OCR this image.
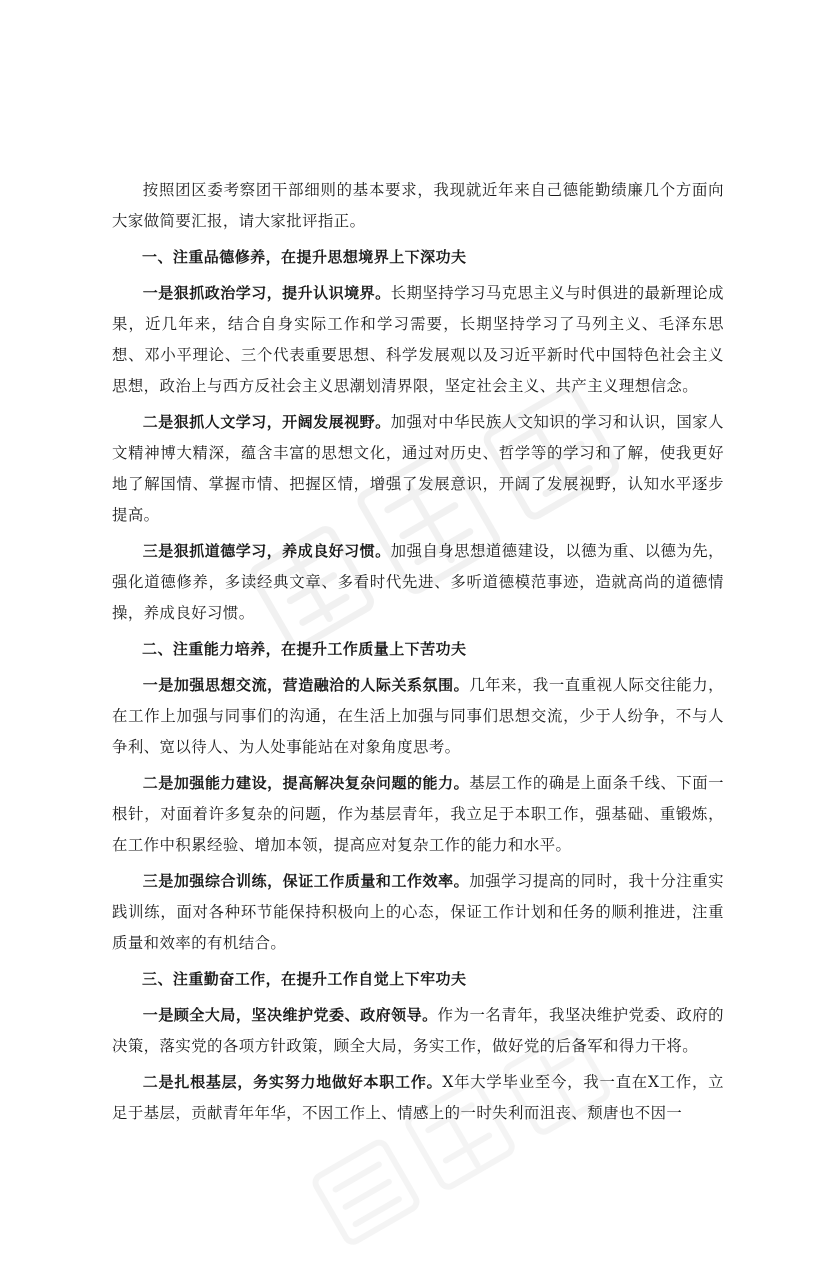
按照团区委考察团干部细则的基本要求，我现就近年来自己德能勤绩廉几个方面向大家做简要汇报，请大家批评指正。

一、注重品德修养，在提升思想境界上下深功夫

一是狠抓政治学习，提升认识境界。长期坚持学习马克思主义与时俱进的最新理论成果，近几年来，结合自身实际工作和学习需要，长期坚持学习了马列主义、毛泽东思想、邓小平理论、三个代表重要思想、科学发展观以及习近平新时代中国特色社会主义思想，政治上与西方反社会主义思潮划清界限，坚定社会主义、共产主义理想信念。

二是狠抓人文学习，开阔发展视野。加强对中华民族人文知识的学习和认识，国家人文精神博大精深，蕴含丰富的思想文化，通过对历史、哲学等的学习和了解，使我更好地了解国情、掌握市情、把握区情，增强了发展意识，开阔了发展视野，认知水平逐步提高。

三是狠抓道德学习，养成良好习惯。加强自身思想道德建设，以德为重、以德为先，强化道德修养，多读经典文章、多看时代先进、多听道德模范事迹，造就高尚的道德情操，养成良好习惯。

二、注重能力培养，在提升工作质量上下苦功夫

一是加强思想交流，营造融洽的人际关系氛围。几年来，我一直重视人际交往能力，在工作上加强与同事们的沟通，在生活上加强与同事们思想交流，少于人纷争，不与人争利、宽以待人、为人处事能站在对象角度思考。

二是加强能力建设，提高解决复杂问题的能力。基层工作的确是上面条千线、下面一根针，对面着许多复杂的问题，作为基层青年，我立足于本职工作，强基础、重锻炼，在工作中积累经验、增加本领，提高应对复杂工作的能力和水平。

三是加强综合训练，保证工作质量和工作效率。加强学习提高的同时，我十分注重实践训练，面对各种环节能保持积极向上的心态，保证工作计划和任务的顺利推进，注重质量和效率的有机结合。

三、注重勤奋工作，在提升工作自觉上下牢功夫

一是顾全大局，坚决维护党委、政府领导。作为一名青年，我坚决维护党委、政府的决策，落实党的各项方针政策，顾全大局，务实工作，做好党的后备军和得力干将。

二是扎根基层，务实努力地做好本职工作。X年大学毕业至今，我一直在X工作，立足于基层，贡献青年年华，不因工作上、情感上的一时失利而沮丧、颓唐也不因一
